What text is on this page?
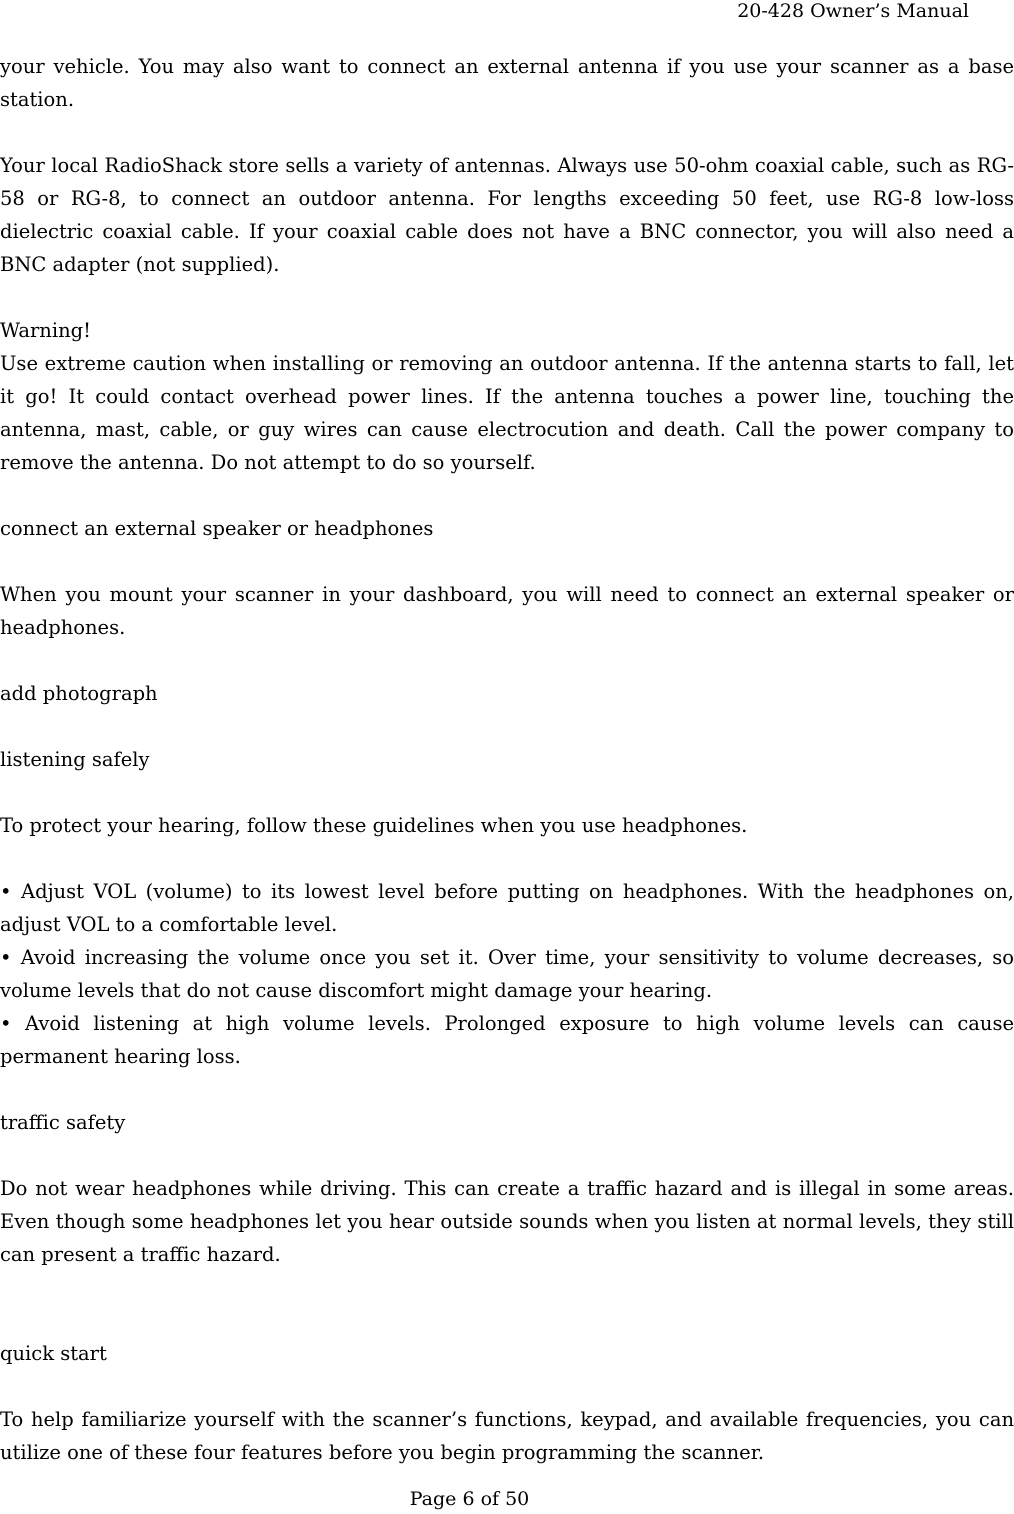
20-428 Owner’s Manual

your vehicle. You may also want to connect an external antenna if you use your scanner as a base station.

Your local RadioShack store sells a variety of antennas. Always use 50-ohm coaxial cable, such as RG-58 or RG-8, to connect an outdoor antenna. For lengths exceeding 50 feet, use RG-8 low-loss dielectric coaxial cable. If your coaxial cable does not have a BNC connector, you will also need a BNC adapter (not supplied).

Warning!

Use extreme caution when installing or removing an outdoor antenna. If the antenna starts to fall, let it go! It could contact overhead power lines. If the antenna touches a power line, touching the antenna, mast, cable, or guy wires can cause electrocution and death. Call the power company to remove the antenna. Do not attempt to do so yourself.

connect an external speaker or headphones

When you mount your scanner in your dashboard, you will need to connect an external speaker or headphones.

add photograph

listening safely

To protect your hearing, follow these guidelines when you use headphones.

• Adjust VOL (volume) to its lowest level before putting on headphones. With the headphones on, adjust VOL to a comfortable level.

• Avoid increasing the volume once you set it. Over time, your sensitivity to volume decreases, so volume levels that do not cause discomfort might damage your hearing.

• Avoid listening at high volume levels. Prolonged exposure to high volume levels can cause permanent hearing loss.

traffic safety

Do not wear headphones while driving. This can create a traffic hazard and is illegal in some areas. Even though some headphones let you hear outside sounds when you listen at normal levels, they still can present a traffic hazard.

quick start

To help familiarize yourself with the scanner’s functions, keypad, and available frequencies, you can utilize one of these four features before you begin programming the scanner.

Page 6 of 50
